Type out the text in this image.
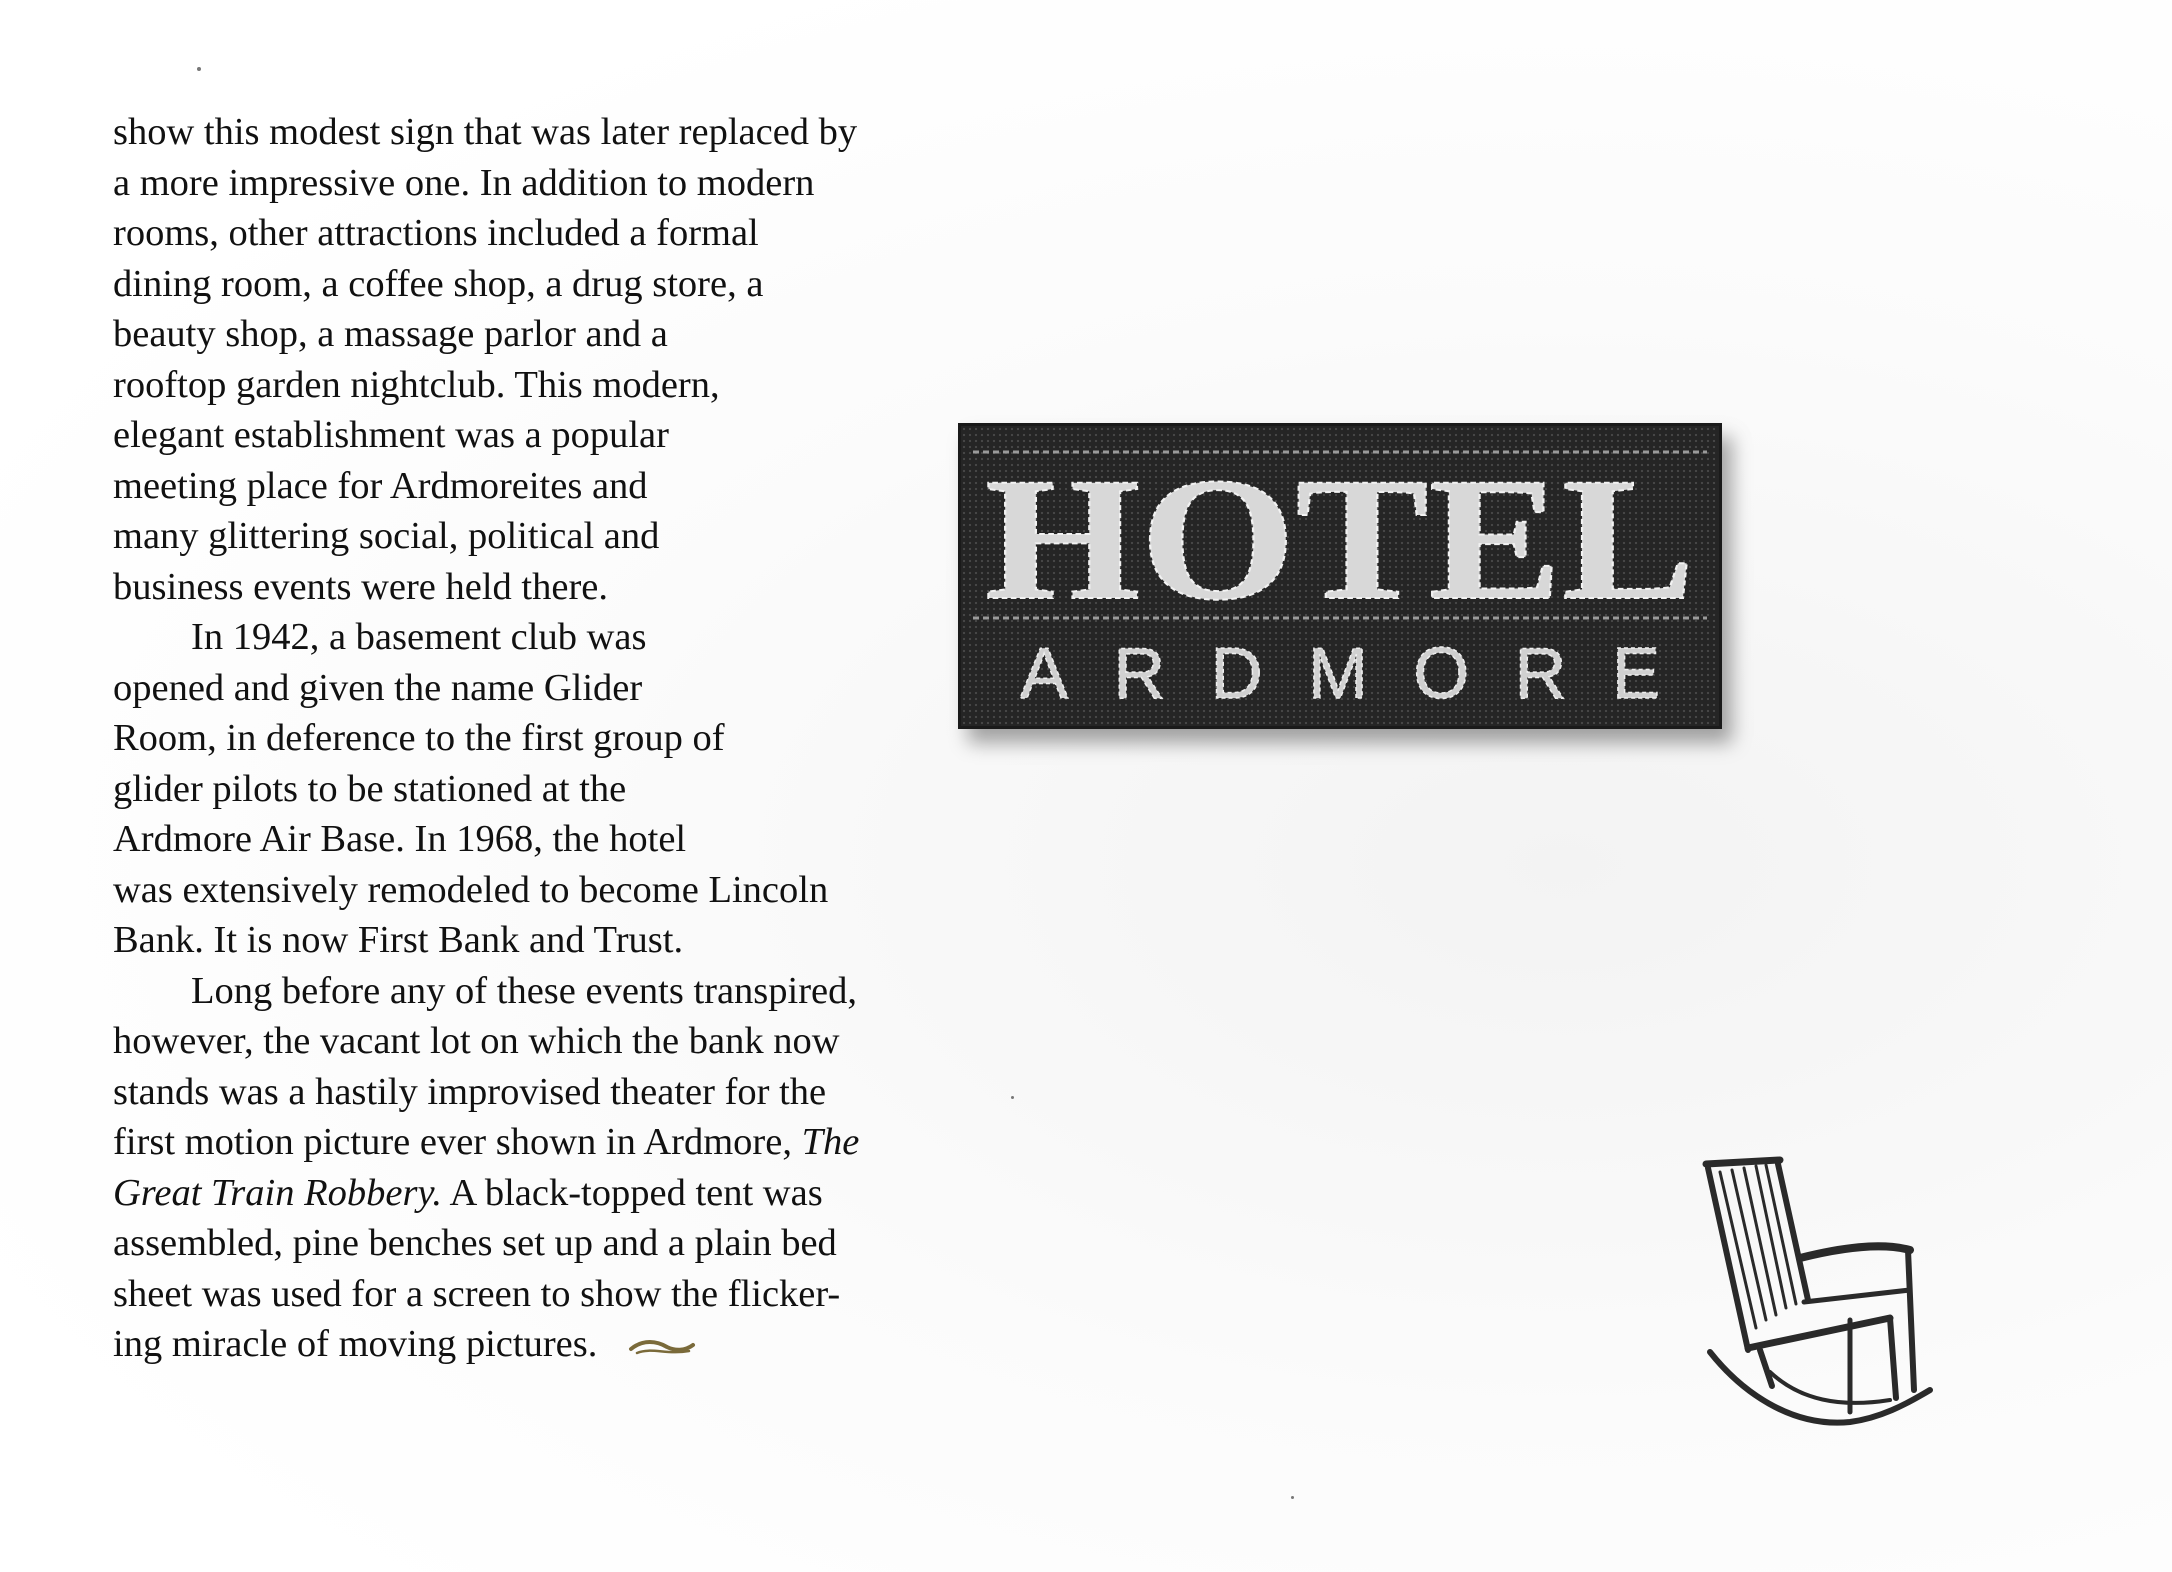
show this modest sign that was later replaced by
a more impressive one. In addition to modern
rooms, other attractions included a formal
dining room, a coffee shop, a drug store, a
beauty shop, a massage parlor and a
rooftop garden nightclub. This modern,
elegant establishment was a popular
meeting place for Ardmoreites and
many glittering social, political and
business events were held there.
In 1942, a basement club was
opened and given the name Glider
Room, in deference to the first group of
glider pilots to be stationed at the
Ardmore Air Base. In 1968, the hotel
was extensively remodeled to become Lincoln
Bank. It is now First Bank and Trust.
Long before any of these events transpired,
however, the vacant lot on which the bank now
stands was a hastily improvised theater for the
first motion picture ever shown in Ardmore, The
Great Train Robbery. A black-topped tent was
assembled, pine benches set up and a plain bed
sheet was used for a screen to show the flicker-
ing miracle of moving pictures.
HOTEL
ARDMORE
